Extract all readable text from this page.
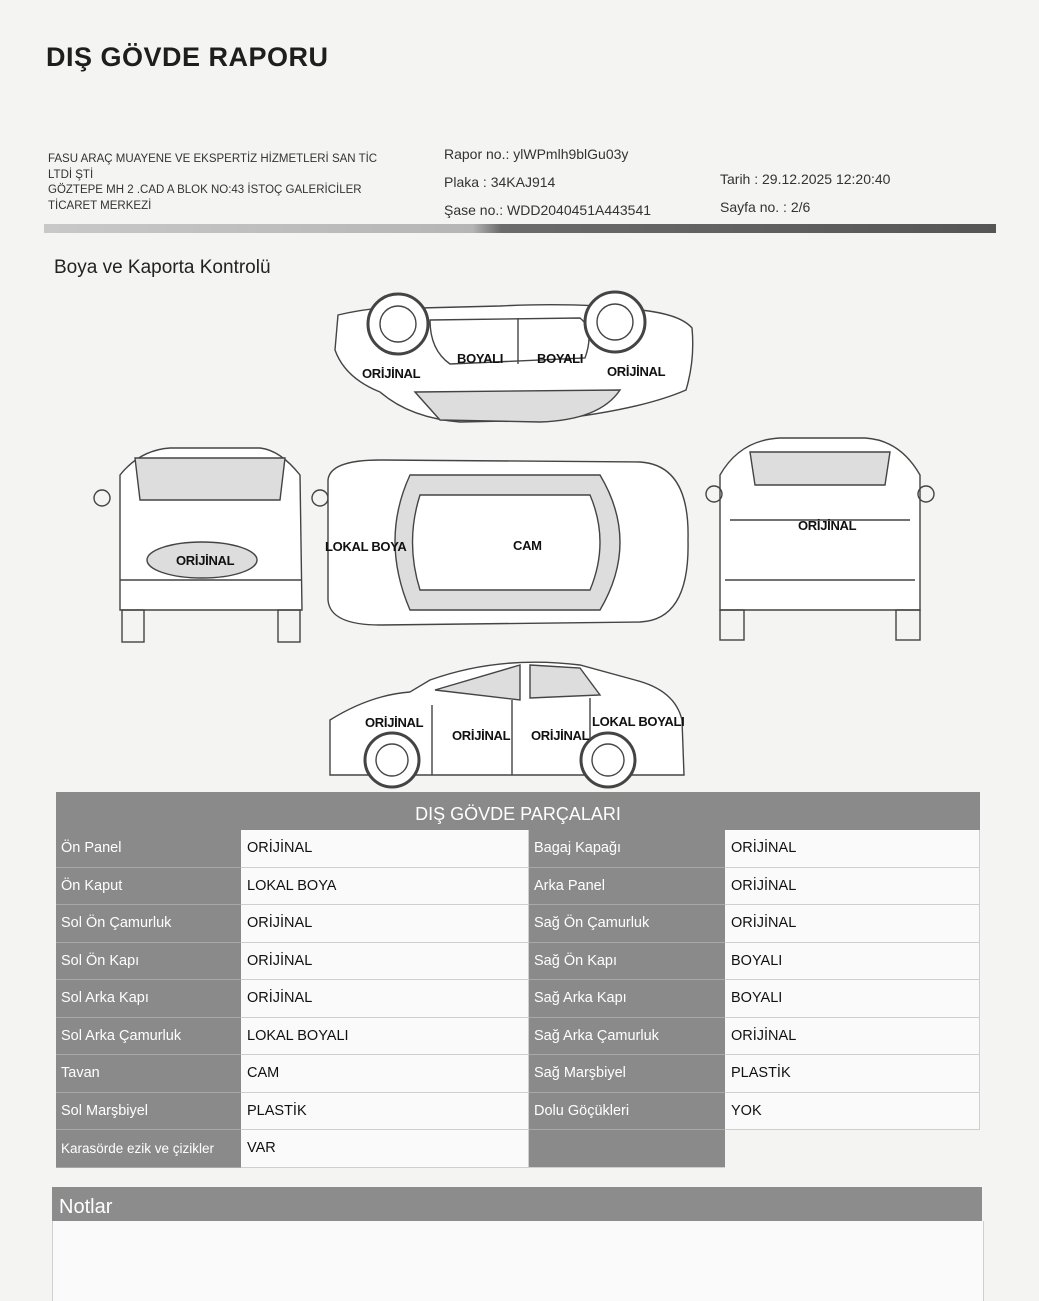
DIŞ GÖVDE RAPORU
FASU ARAÇ MUAYENE VE EKSPERTİZ HİZMETLERİ SAN TİC
LTDİ ŞTİ
GÖZTEPE MH 2 .CAD A BLOK NO:43 İSTOÇ GALERİCİLER
TİCARET MERKEZİ
Rapor no.: ylWPmlh9blGu03y
Plaka : 34KAJ914
Şase no.: WDD2040451A443541
Tarih : 29.12.2025 12:20:40
Sayfa no. : 2/6
Boya ve Kaporta Kontrolü
ORİJİNAL
BOYALI	BOYALI
ORİJİNAL
ORİJİNAL
LOKAL BOYA	CAM
ORİJİNAL
ORİJİNAL
ORİJİNAL ORİJİNAL
LOKAL BOYALI
DIŞ GÖVDE PARÇALARI
Ön Panel	ORİJİNAL	Bagaj Kapağı	ORİJİNAL
Ön Kaput	LOKAL BOYA	Arka Panel	ORİJİNAL
Sol Ön Çamurluk	ORİJİNAL	Sağ Ön Çamurluk	ORİJİNAL
Sol Ön Kapı	ORİJİNAL	Sağ Ön Kapı	BOYALI
Sol Arka Kapı	ORİJİNAL	Sağ Arka Kapı	BOYALI
Sol Arka Çamurluk	LOKAL BOYALI	Sağ Arka Çamurluk	ORİJİNAL
Tavan	CAM	Sağ Marşbiyel	PLASTİK
Sol Marşbiyel	PLASTİK	Dolu Göçükleri	YOK
Karasörde ezik ve çizikler	VAR
Notlar
